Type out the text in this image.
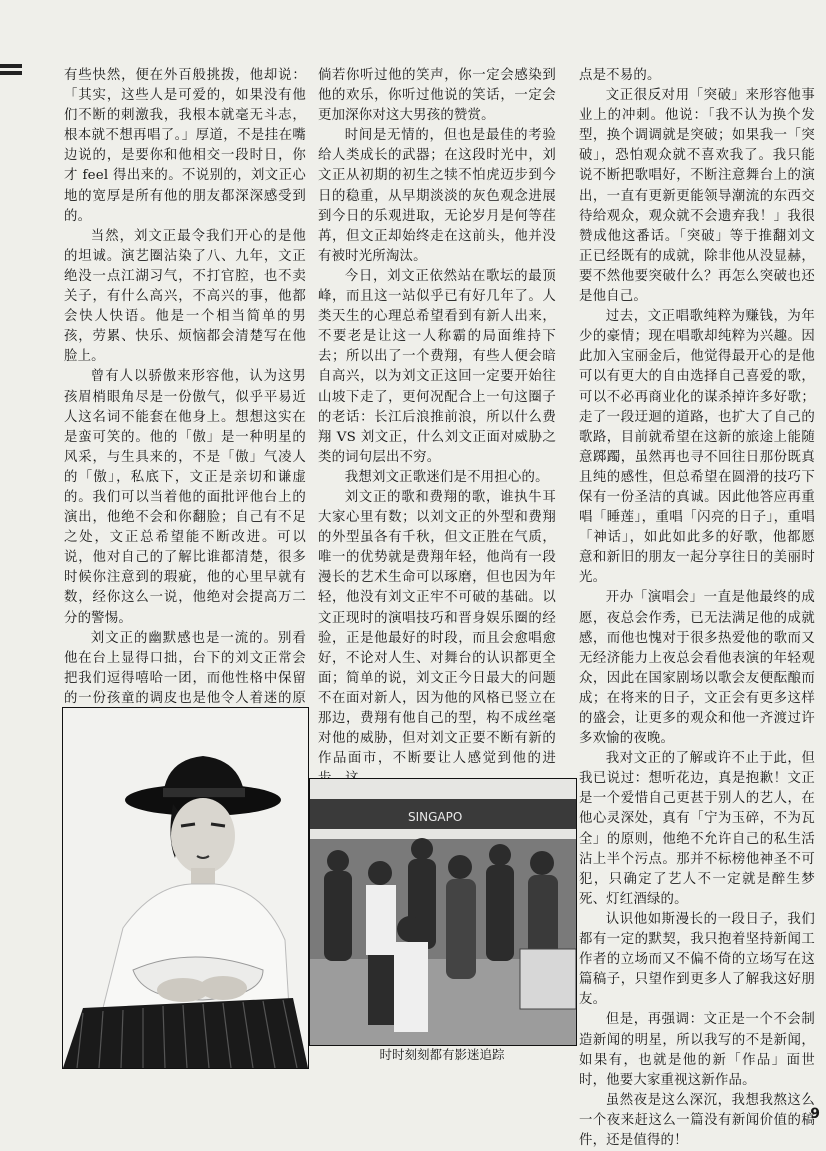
有些快然，便在外百般挑拨，他却说：「其实，这些人是可爱的，如果没有他们不断的刺激我，我根本就毫无斗志，根本就不想再唱了。」厚道，不是挂在嘴边说的，是要你和他相交一段时日，你才 feel 得出来的。不说别的，刘文正心地的宽厚是所有他的朋友都深深感受到的。

当然，刘文正最令我们开心的是他的坦诚。演艺圈沾染了八、九年，文正绝没一点江湖习气，不打官腔，也不卖关子，有什么高兴，不高兴的事，他都会快人快语。他是一个相当简单的男孩，劳累、快乐、烦恼都会清楚写在他脸上。

曾有人以骄傲来形容他，认为这男孩眉梢眼角尽是一份傲气，似乎平易近人这名词不能套在他身上。想想这实在是蛮可笑的。他的「傲」是一种明星的风采，与生具来的，不是「傲」气凌人的「傲」，私底下，文正是亲切和谦虚的。我们可以当着他的面批评他台上的演出，他绝不会和你翻脸；自己有不足之处，文正总希望能不断改进。可以说，他对自己的了解比谁都清楚，很多时候你注意到的瑕疵，他的心里早就有数，经你这么一说，他绝对会提高万二分的警惕。

刘文正的幽默感也是一流的。别看他在台上显得口拙，台下的刘文正常会把我们逗得嘻哈一团，而他性格中保留的一份孩童的调皮也是他令人着迷的原

倘若你听过他的笑声，你一定会感染到他的欢乐，你听过他说的笑话，一定会更加深你对这大男孩的赞赏。

时间是无情的，但也是最佳的考验给人类成长的武器；在这段时光中，刘文正从初期的初生之犊不怕虎迈步到今日的稳重，从早期淡淡的灰色观念进展到今日的乐观进取，无论岁月是何等荏苒，但文正却始终走在这前头，他并没有被时光所淘汰。

今日，刘文正依然站在歌坛的最顶峰，而且这一站似乎已有好几年了。人类天生的心理总希望看到有新人出来，不要老是让这一人称霸的局面维持下去；所以出了一个费翔，有些人便会暗自高兴，以为刘文正这回一定要开始往山坡下走了，更何况配合上一句这圈子的老话：长江后浪推前浪，所以什么费翔 VS 刘文正，什么刘文正面对威胁之类的词句层出不穷。

我想刘文正歌迷们是不用担心的。

刘文正的歌和费翔的歌，谁执牛耳大家心里有数；以刘文正的外型和费翔的外型虽各有千秋，但文正胜在气质，唯一的优势就是费翔年轻，他尚有一段漫长的艺术生命可以琢磨，但也因为年轻，他没有刘文正牢不可破的基础。以文正现时的演唱技巧和晋身娱乐圈的经验，正是他最好的时段，而且会愈唱愈好，不论对人生、对舞台的认识都更全面；简单的说，刘文正今日最大的问题不在面对新人，因为他的风格已竖立在那边，费翔有他自己的型，构不成丝毫对他的威胁，但对刘文正要不断有新的作品面市，不断要让人感觉到他的进

点是不易的。

文正很反对用「突破」来形容他事业上的冲刺。他说：「我不认为换个发型，换个调调就是突破；如果我一「突破」，恐怕观众就不喜欢我了。我只能说不断把歌唱好，不断注意舞台上的演出，一直有更新更能领导潮流的东西交待给观众，观众就不会遗弃我！」我很赞成他这番话。「突破」等于推翻刘文正已经既有的成就，除非他从没显赫，要不然他要突破什么？再怎么突破也还是他自己。

过去，文正唱歌纯粹为赚钱，为年少的豪情；现在唱歌却纯粹为兴趣。因此加入宝丽金后，他觉得最开心的是他可以有更大的自由选择自己喜爱的歌，可以不必再商业化的谋杀掉许多好歌；走了一段迂迴的道路，也扩大了自己的歌路，目前就希望在这新的旅途上能随意踯躅，虽然再也寻不回往日那份既真且纯的感性，但总希望在圆滑的技巧下保有一份圣洁的真诚。因此他答应再重唱「睡莲」，重唱「闪亮的日子」，重唱「神话」，如此如此多的好歌，他都愿意和新旧的朋友一起分享往日的美丽时光。

开办「演唱会」一直是他最终的成愿，夜总会作秀，已无法满足他的成就感，而他也愧对于很多热爱他的歌而又无经济能力上夜总会看他表演的年轻观众，因此在国家剧场以歌会友便酝酿而成；在将来的日子，文正会有更多这样的盛会，让更多的观众和他一齐渡过许多欢愉的夜晚。

我对文正的了解或许不止于此，但我已说过：想听花边，真是抱歉！文正是一个爱惜自己更甚于别人的艺人，在他心灵深处，真有「宁为玉碎，不为瓦全」的原则，他绝不允许自己的私生活沾上半个污点。那并不标榜他神圣不可犯，只确定了艺人不一定就是醉生梦死、灯红酒绿的。

认识他如斯漫长的一段日子，我们都有一定的默契，我只抱着坚持新闻工作者的立场而又不偏不倚的立场写在这篇稿子，只望作到更多人了解我这好朋友。

但是，再强调：文正是一个不会制造新闻的明星，所以我写的不是新闻，如果有，也就是他的新「作品」面世时，他要大家重视这新作品。

虽然夜是这么深沉，我想我熬这么一个夜来赶这么一篇没有新闻价值的稿件，还是值得的！

SINGAPO
时时刻刻都有影迷追踪
9
